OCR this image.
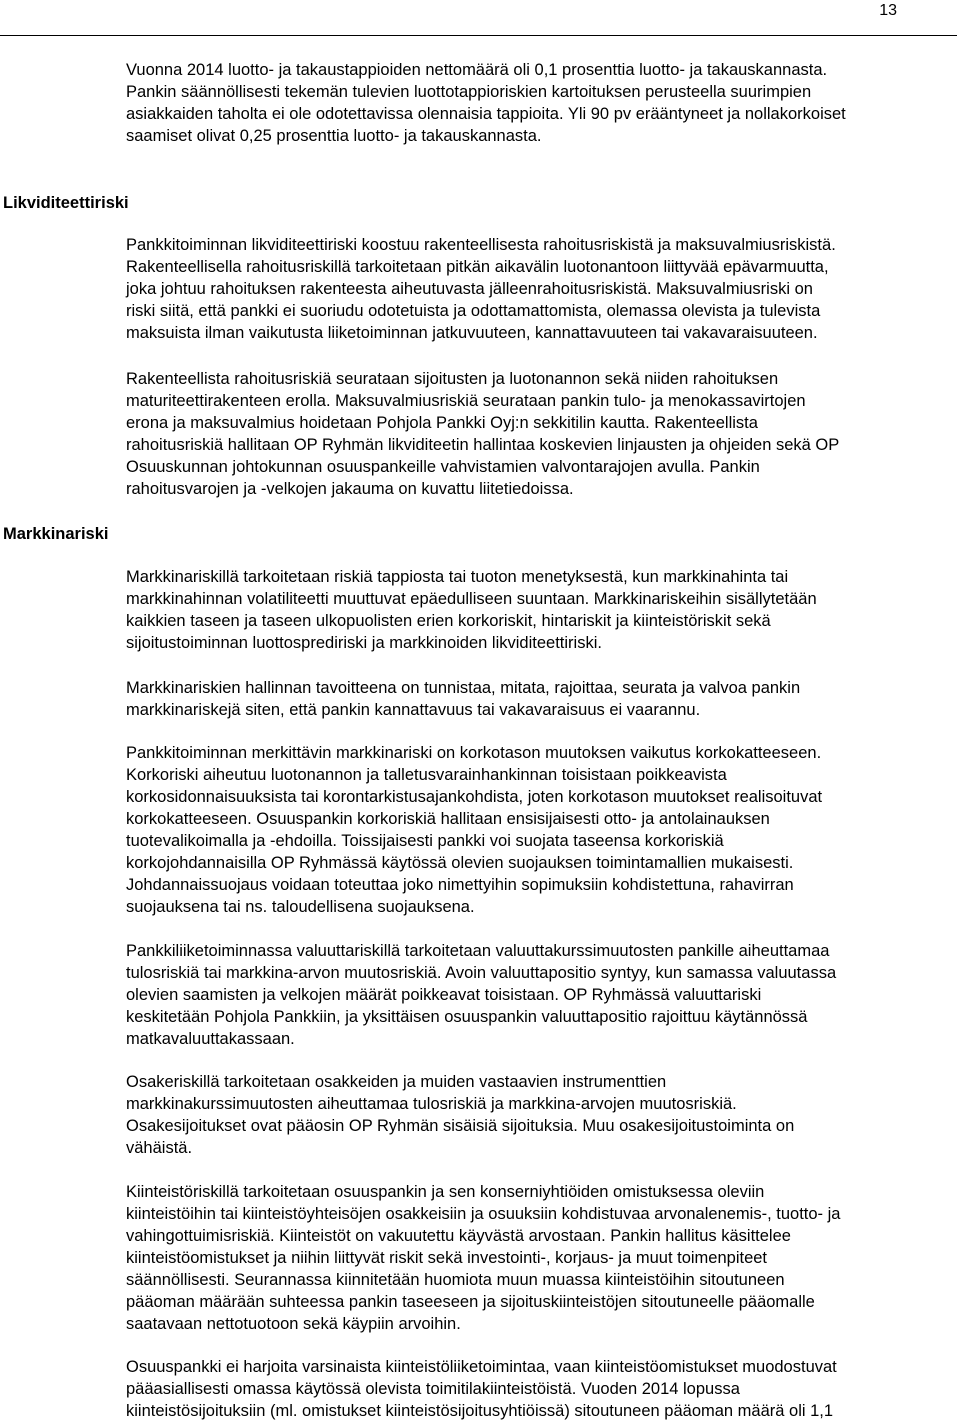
13
Likviditeettiriski
Markkinariski

Vuonna 2014 luotto- ja takaustappioiden nettomäärä oli 0,1 prosenttia luotto- ja takauskannasta.

Pankin säännöllisesti tekemän tulevien luottotappioriskien kartoituksen perusteella suurimpien

asiakkaiden taholta ei ole odotettavissa olennaisia tappioita. Yli 90 pv erääntyneet ja nollakorkoiset

saamiset olivat 0,25 prosenttia luotto- ja takauskannasta.

Pankkitoiminnan likviditeettiriski koostuu rakenteellisesta rahoitusriskistä ja maksuvalmiusriskistä.

Rakenteellisella rahoitusriskillä tarkoitetaan pitkän aikavälin luotonantoon liittyvää epävarmuutta,

joka johtuu rahoituksen rakenteesta aiheutuvasta jälleenrahoitusriskistä. Maksuvalmiusriski on

riski siitä, että pankki ei suoriudu odotetuista ja odottamattomista, olemassa olevista ja tulevista

maksuista ilman vaikutusta liiketoiminnan jatkuvuuteen, kannattavuuteen tai vakavaraisuuteen.

Rakenteellista rahoitusriskiä seurataan sijoitusten ja luotonannon sekä niiden rahoituksen

maturiteettirakenteen erolla. Maksuvalmiusriskiä seurataan pankin tulo- ja menokassavirtojen

erona ja maksuvalmius hoidetaan Pohjola Pankki Oyj:n sekkitilin kautta. Rakenteellista

rahoitusriskiä hallitaan OP Ryhmän likviditeetin hallintaa koskevien linjausten ja ohjeiden sekä OP

Osuuskunnan johtokunnan osuuspankeille vahvistamien valvontarajojen avulla. Pankin

rahoitusvarojen ja -velkojen jakauma on kuvattu liitetiedoissa.

Markkinariskillä tarkoitetaan riskiä tappiosta tai tuoton menetyksestä, kun markkinahinta tai

markkinahinnan volatiliteetti muuttuvat epäedulliseen suuntaan. Markkinariskeihin sisällytetään

kaikkien taseen ja taseen ulkopuolisten erien korkoriskit, hintariskit ja kiinteistöriskit sekä

sijoitustoiminnan luottosprediriski ja markkinoiden likviditeettiriski.

Markkinariskien hallinnan tavoitteena on tunnistaa, mitata, rajoittaa, seurata ja valvoa pankin

markkinariskejä siten, että pankin kannattavuus tai vakavaraisuus ei vaarannu.

Pankkitoiminnan merkittävin markkinariski on korkotason muutoksen vaikutus korkokatteeseen.

Korkoriski aiheutuu luotonannon ja talletusvarainhankinnan toisistaan poikkeavista

korkosidonnaisuuksista tai korontarkistusajankohdista, joten korkotason muutokset realisoituvat

korkokatteeseen. Osuuspankin korkoriskiä hallitaan ensisijaisesti otto- ja antolainauksen

tuotevalikoimalla ja -ehdoilla. Toissijaisesti pankki voi suojata taseensa korkoriskiä

korkojohdannaisilla OP Ryhmässä käytössä olevien suojauksen toimintamallien mukaisesti.

Johdannaissuojaus voidaan toteuttaa joko nimettyihin sopimuksiin kohdistettuna, rahavirran

suojauksena tai ns. taloudellisena suojauksena.

Pankkiliiketoiminnassa valuuttariskillä tarkoitetaan valuuttakurssimuutosten pankille aiheuttamaa

tulosriskiä tai markkina-arvon muutosriskiä. Avoin valuuttapositio syntyy, kun samassa valuutassa

olevien saamisten ja velkojen määrät poikkeavat toisistaan. OP Ryhmässä valuuttariski

keskitetään Pohjola Pankkiin, ja yksittäisen osuuspankin valuuttapositio rajoittuu käytännössä

matkavaluuttakassaan.

Osakeriskillä tarkoitetaan osakkeiden ja muiden vastaavien instrumenttien

markkinakurssimuutosten aiheuttamaa tulosriskiä ja markkina-arvojen muutosriskiä.

Osakesijoitukset ovat pääosin OP Ryhmän sisäisiä sijoituksia. Muu osakesijoitustoiminta on

vähäistä.

Kiinteistöriskillä tarkoitetaan osuuspankin ja sen konserniyhtiöiden omistuksessa oleviin

kiinteistöihin tai kiinteistöyhteisöjen osakkeisiin ja osuuksiin kohdistuvaa arvonalenemis-, tuotto- ja

vahingottuimisriskiä. Kiinteistöt on vakuutettu käyvästä arvostaan. Pankin hallitus käsittelee

kiinteistöomistukset ja niihin liittyvät riskit sekä investointi-, korjaus- ja muut toimenpiteet

säännöllisesti. Seurannassa kiinnitetään huomiota muun muassa kiinteistöihin sitoutuneen

pääoman määrään suhteessa pankin taseeseen ja sijoituskiinteistöjen sitoutuneelle pääomalle

saatavaan nettotuotoon sekä käypiin arvoihin.

Osuuspankki ei harjoita varsinaista kiinteistöliiketoimintaa, vaan kiinteistöomistukset muodostuvat

pääasiallisesti omassa käytössä olevista toimitilakiinteistöistä. Vuoden 2014 lopussa

kiinteistösijoituksiin (ml. omistukset kiinteistösijoitusyhtiöissä) sitoutuneen pääoman määrä oli 1,1
